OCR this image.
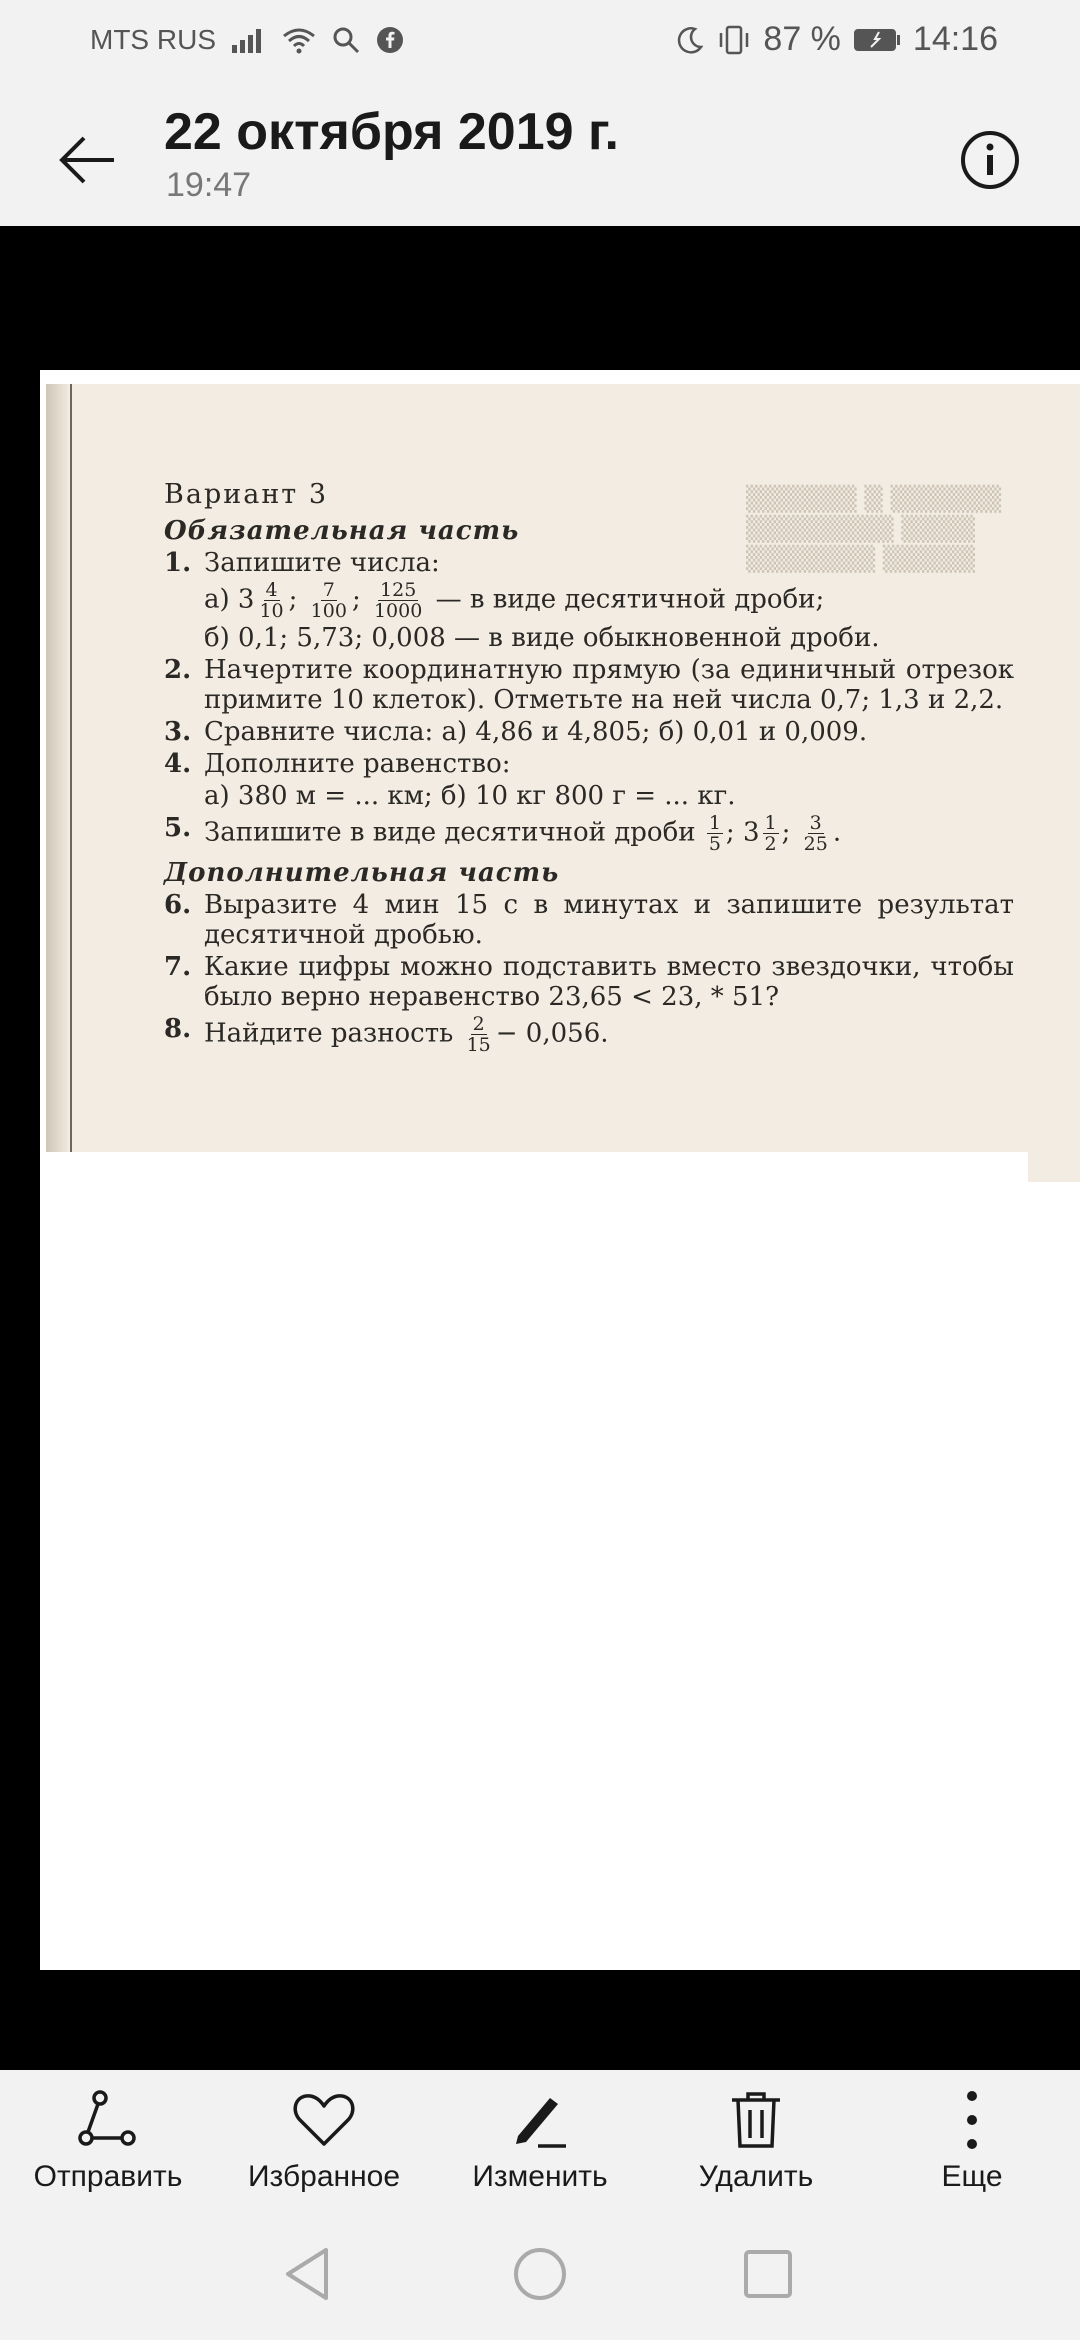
MTS RUS	87 % 14:16
22 октября 2019 г.
19:47
▒▒▒▒▒▒ ▒ ▒▒▒▒▒▒
▒▒▒▒▒▒▒▒ ▒▒▒▒
▒▒▒▒▒▒▒ ▒▒▒▒▒
Вариант 3
Обязательная часть
1. Запишите числа:
а) $3 \frac{4}{10}$ ; $\frac{7}{100}$ ; $\frac{125}{1000}$ — в виде десятичной дроби;
б) 0,1; 5,73; 0,008 — в виде обыкновенной дроби.
2. Начертите координатную прямую (за единичный отрезок примите 10 клеток). Отметьте на ней числа 0,7; 1,3 и 2,2.
3. Сравните числа: а) 4,86 и 4,805; б) 0,01 и 0,009.
4. Дополните равенство:
а) 380 м = ... км; б) 10 кг 800 г = ... кг.
5. Запишите в виде десятичной дроби $\frac{1}{5}$ ; $3 \frac{1}{2}$ ; $\frac{3}{25}$ .
Дополнительная часть
6. Выразите 4 мин 15 с в минутах и запишите результат десятичной дробью.
7. Какие цифры можно подставить вместо звездочки, чтобы было верно неравенство 23,65 < 23, * 51?
8. Найдите разность $\frac{2}{15} - 0,056$.
Отправить	Избранное	Изменить	Удалить	Еще
